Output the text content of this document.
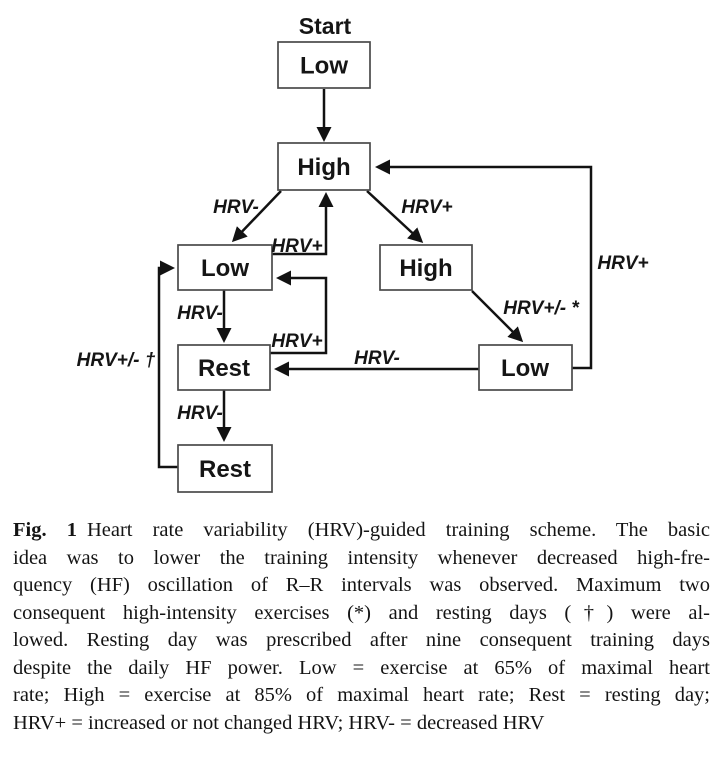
Start
Low
High
Low	High
Low
Rest
Rest
HRV-
HRV+
HRV+
HRV+/- *
HRV+
HRV-
HRV-
HRV+
HRV-
HRV+/- †
Fig. 1 Heart rate variability (HRV)-guided training scheme. The basic
idea was to lower the training intensity whenever decreased high-fre-
quency (HF) oscillation of R–R intervals was observed. Maximum two
consequent high-intensity exercises (*) and resting days (†) were al-
lowed. Resting day was prescribed after nine consequent training days
despite the daily HF power. Low = exercise at 65% of maximal heart
rate; High = exercise at 85% of maximal heart rate; Rest = resting day;
HRV+ = increased or not changed HRV; HRV- = decreased HRV
